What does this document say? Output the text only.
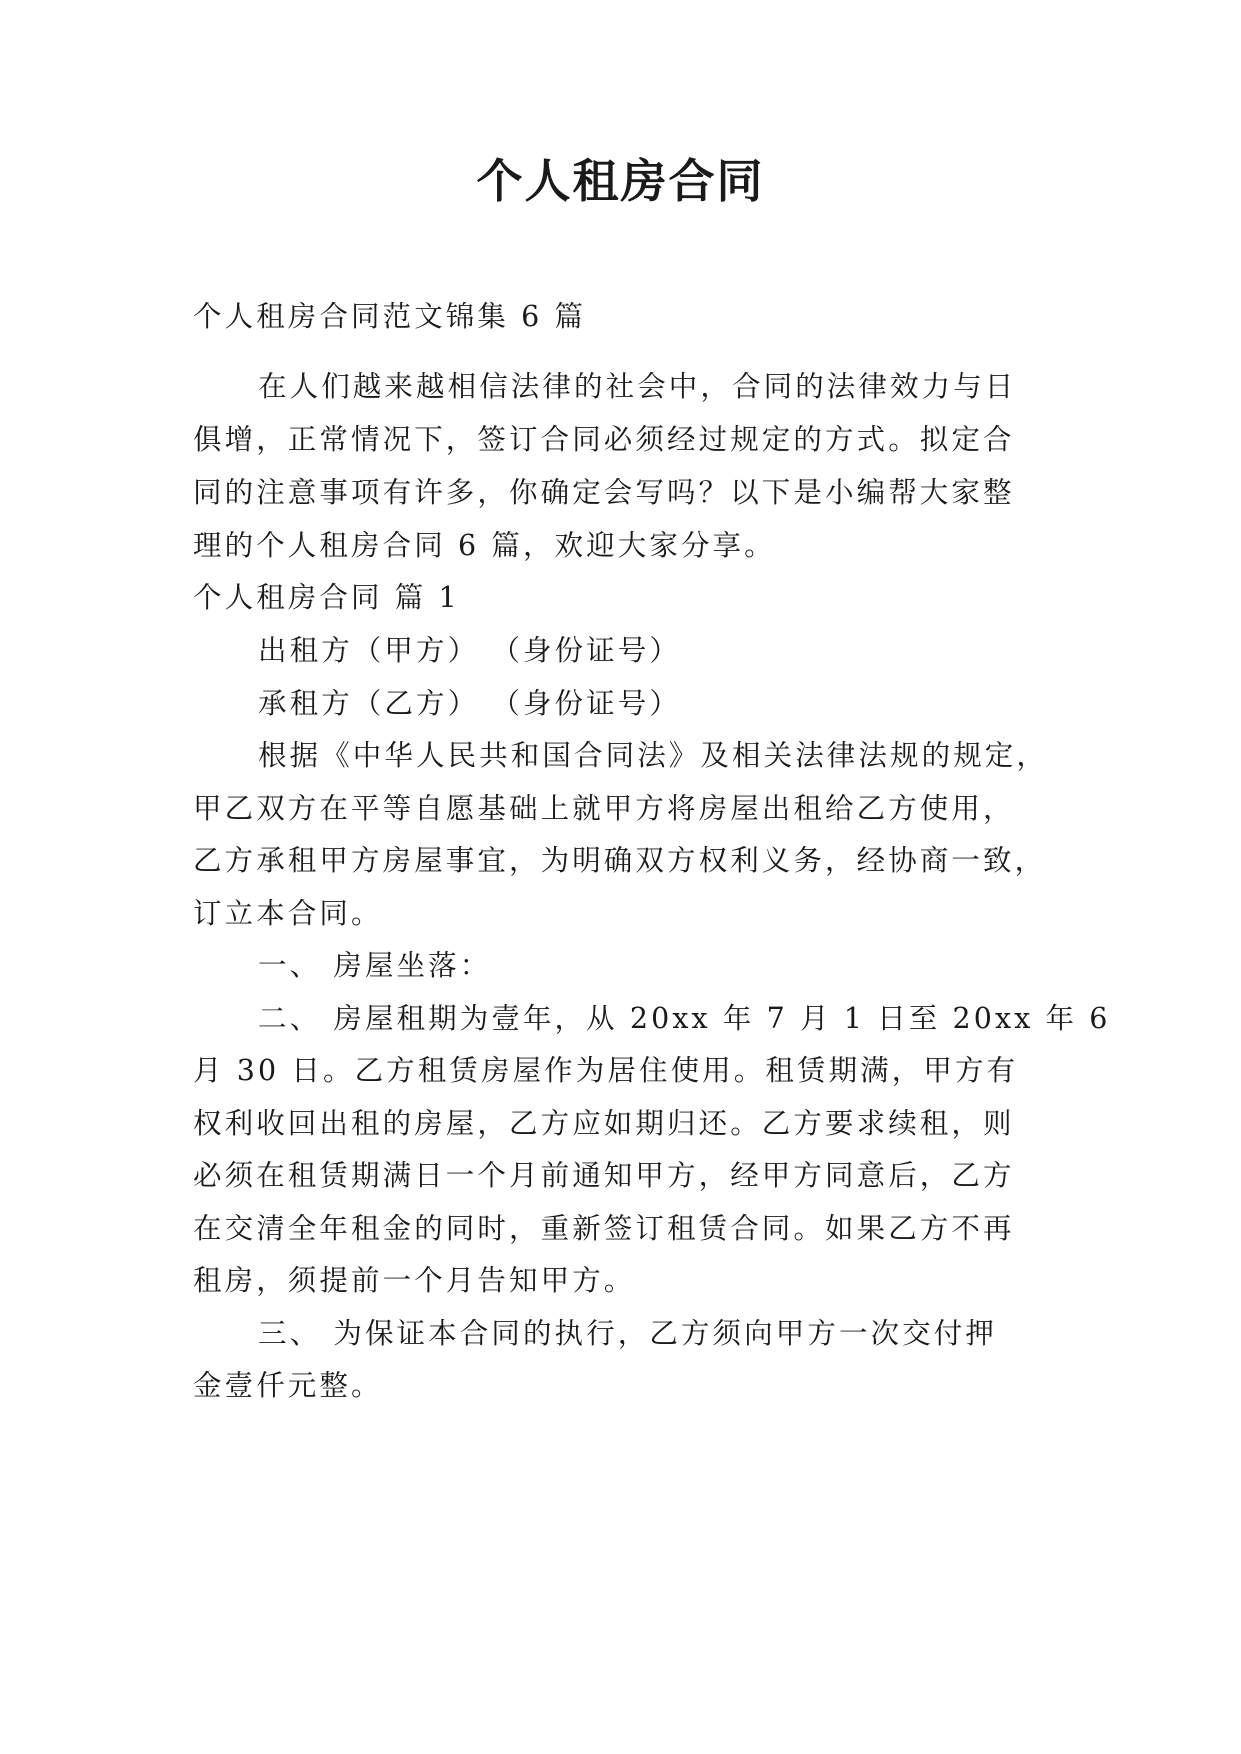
个人租房合同
个人租房合同范文锦集 6 篇
在人们越来越相信法律的社会中，合同的法律效力与日
俱增，正常情况下，签订合同必须经过规定的方式。拟定合
同的注意事项有许多，你确定会写吗？以下是小编帮大家整
理的个人租房合同 6 篇，欢迎大家分享。
个人租房合同 篇 1
出租方（甲方） （身份证号）
承租方（乙方） （身份证号）
根据《中华人民共和国合同法》及相关法律法规的规定，
甲乙双方在平等自愿基础上就甲方将房屋出租给乙方使用，
乙方承租甲方房屋事宜，为明确双方权利义务，经协商一致，
订立本合同。
一、 房屋坐落：
二、 房屋租期为壹年，从 20xx 年 7 月 1 日至 20xx 年 6
月 30 日。乙方租赁房屋作为居住使用。租赁期满，甲方有
权利收回出租的房屋，乙方应如期归还。乙方要求续租，则
必须在租赁期满日一个月前通知甲方，经甲方同意后，乙方
在交清全年租金的同时，重新签订租赁合同。如果乙方不再
租房，须提前一个月告知甲方。
三、 为保证本合同的执行，乙方须向甲方一次交付押
金壹仟元整。
